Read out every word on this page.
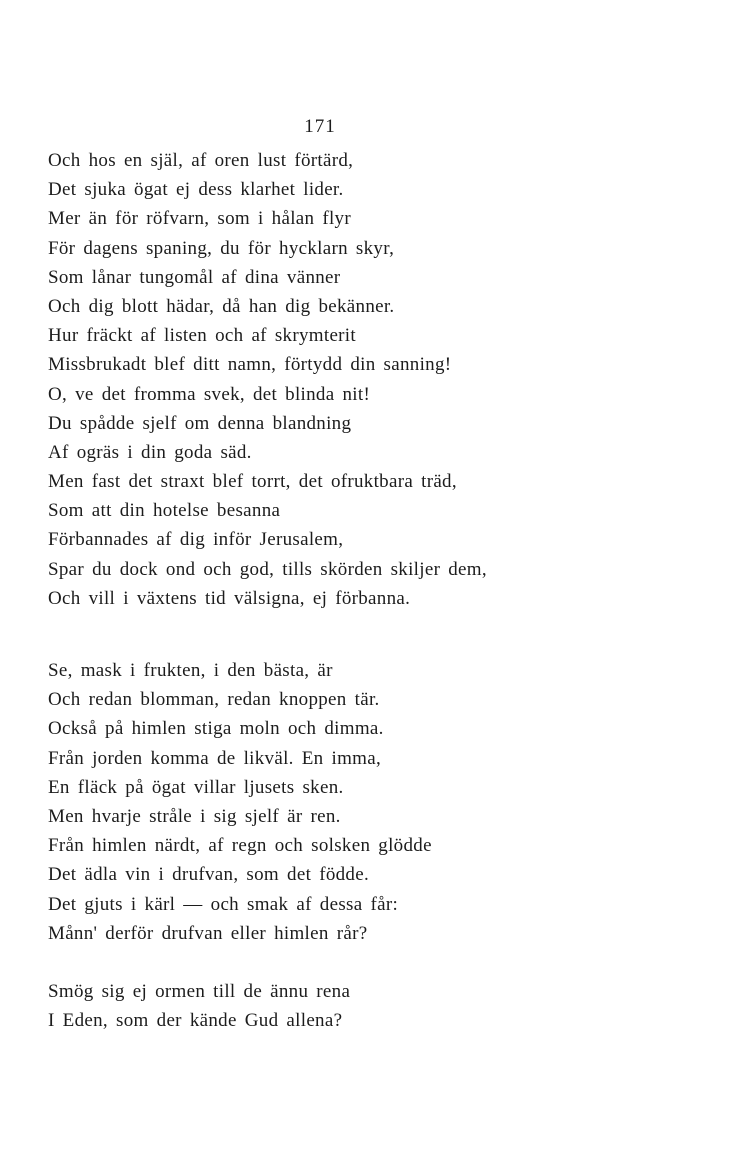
171
Och hos en själ, af oren lust förtärd,
Det sjuka ögat ej dess klarhet lider.
Mer än för röfvarn, som i hålan flyr
För dagens spaning, du för hycklarn skyr,
Som lånar tungomål af dina vänner
Och dig blott hädar, då han dig bekänner.
Hur fräckt af listen och af skrymterit
Missbrukadt blef ditt namn, förtydd din sanning!
O, ve det fromma svek, det blinda nit!
Du spådde sjelf om denna blandning
Af ogräs i din goda säd.
Men fast det straxt blef torrt, det ofruktbara träd,
Som att din hotelse besanna
Förbannades af dig inför Jerusalem,
Spar du dock ond och god, tills skörden skiljer dem,
Och vill i växtens tid välsigna, ej förbanna.
Se, mask i frukten, i den bästa, är
Och redan blomman, redan knoppen tär.
Också på himlen stiga moln och dimma.
Från jorden komma de likväl. En imma,
En fläck på ögat villar ljusets sken.
Men hvarje stråle i sig sjelf är ren.
Från himlen närdt, af regn och solsken glödde
Det ädla vin i drufvan, som det födde.
Det gjuts i kärl — och smak af dessa får:
Månn' derför drufvan eller himlen rår?
Smög sig ej ormen till de ännu rena
I Eden, som der kände Gud allena?
